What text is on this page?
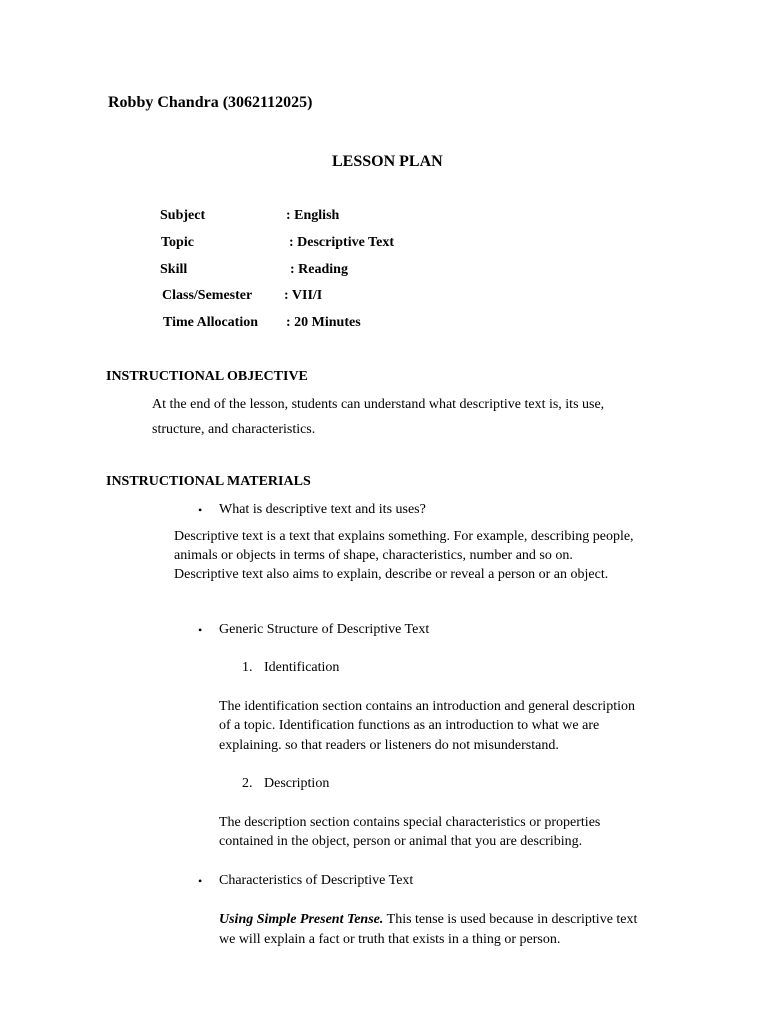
Robby Chandra (3062112025)
LESSON PLAN
Subject	: English
Topic	: Descriptive Text
Skill	: Reading
Class/Semester : VII/I
Time Allocation : 20 Minutes
INSTRUCTIONAL OBJECTIVE
At the end of the lesson, students can understand what descriptive text is, its use,
structure, and characteristics.
INSTRUCTIONAL MATERIALS
• What is descriptive text and its uses?
Descriptive text is a text that explains something. For example, describing people,
animals or objects in terms of shape, characteristics, number and so on.
Descriptive text also aims to explain, describe or reveal a person or an object.
• Generic Structure of Descriptive Text
1. Identification
The identification section contains an introduction and general description
of a topic. Identification functions as an introduction to what we are
explaining. so that readers or listeners do not misunderstand.
2. Description
The description section contains special characteristics or properties
contained in the object, person or animal that you are describing.
• Characteristics of Descriptive Text
Using Simple Present Tense. This tense is used because in descriptive text
we will explain a fact or truth that exists in a thing or person.
